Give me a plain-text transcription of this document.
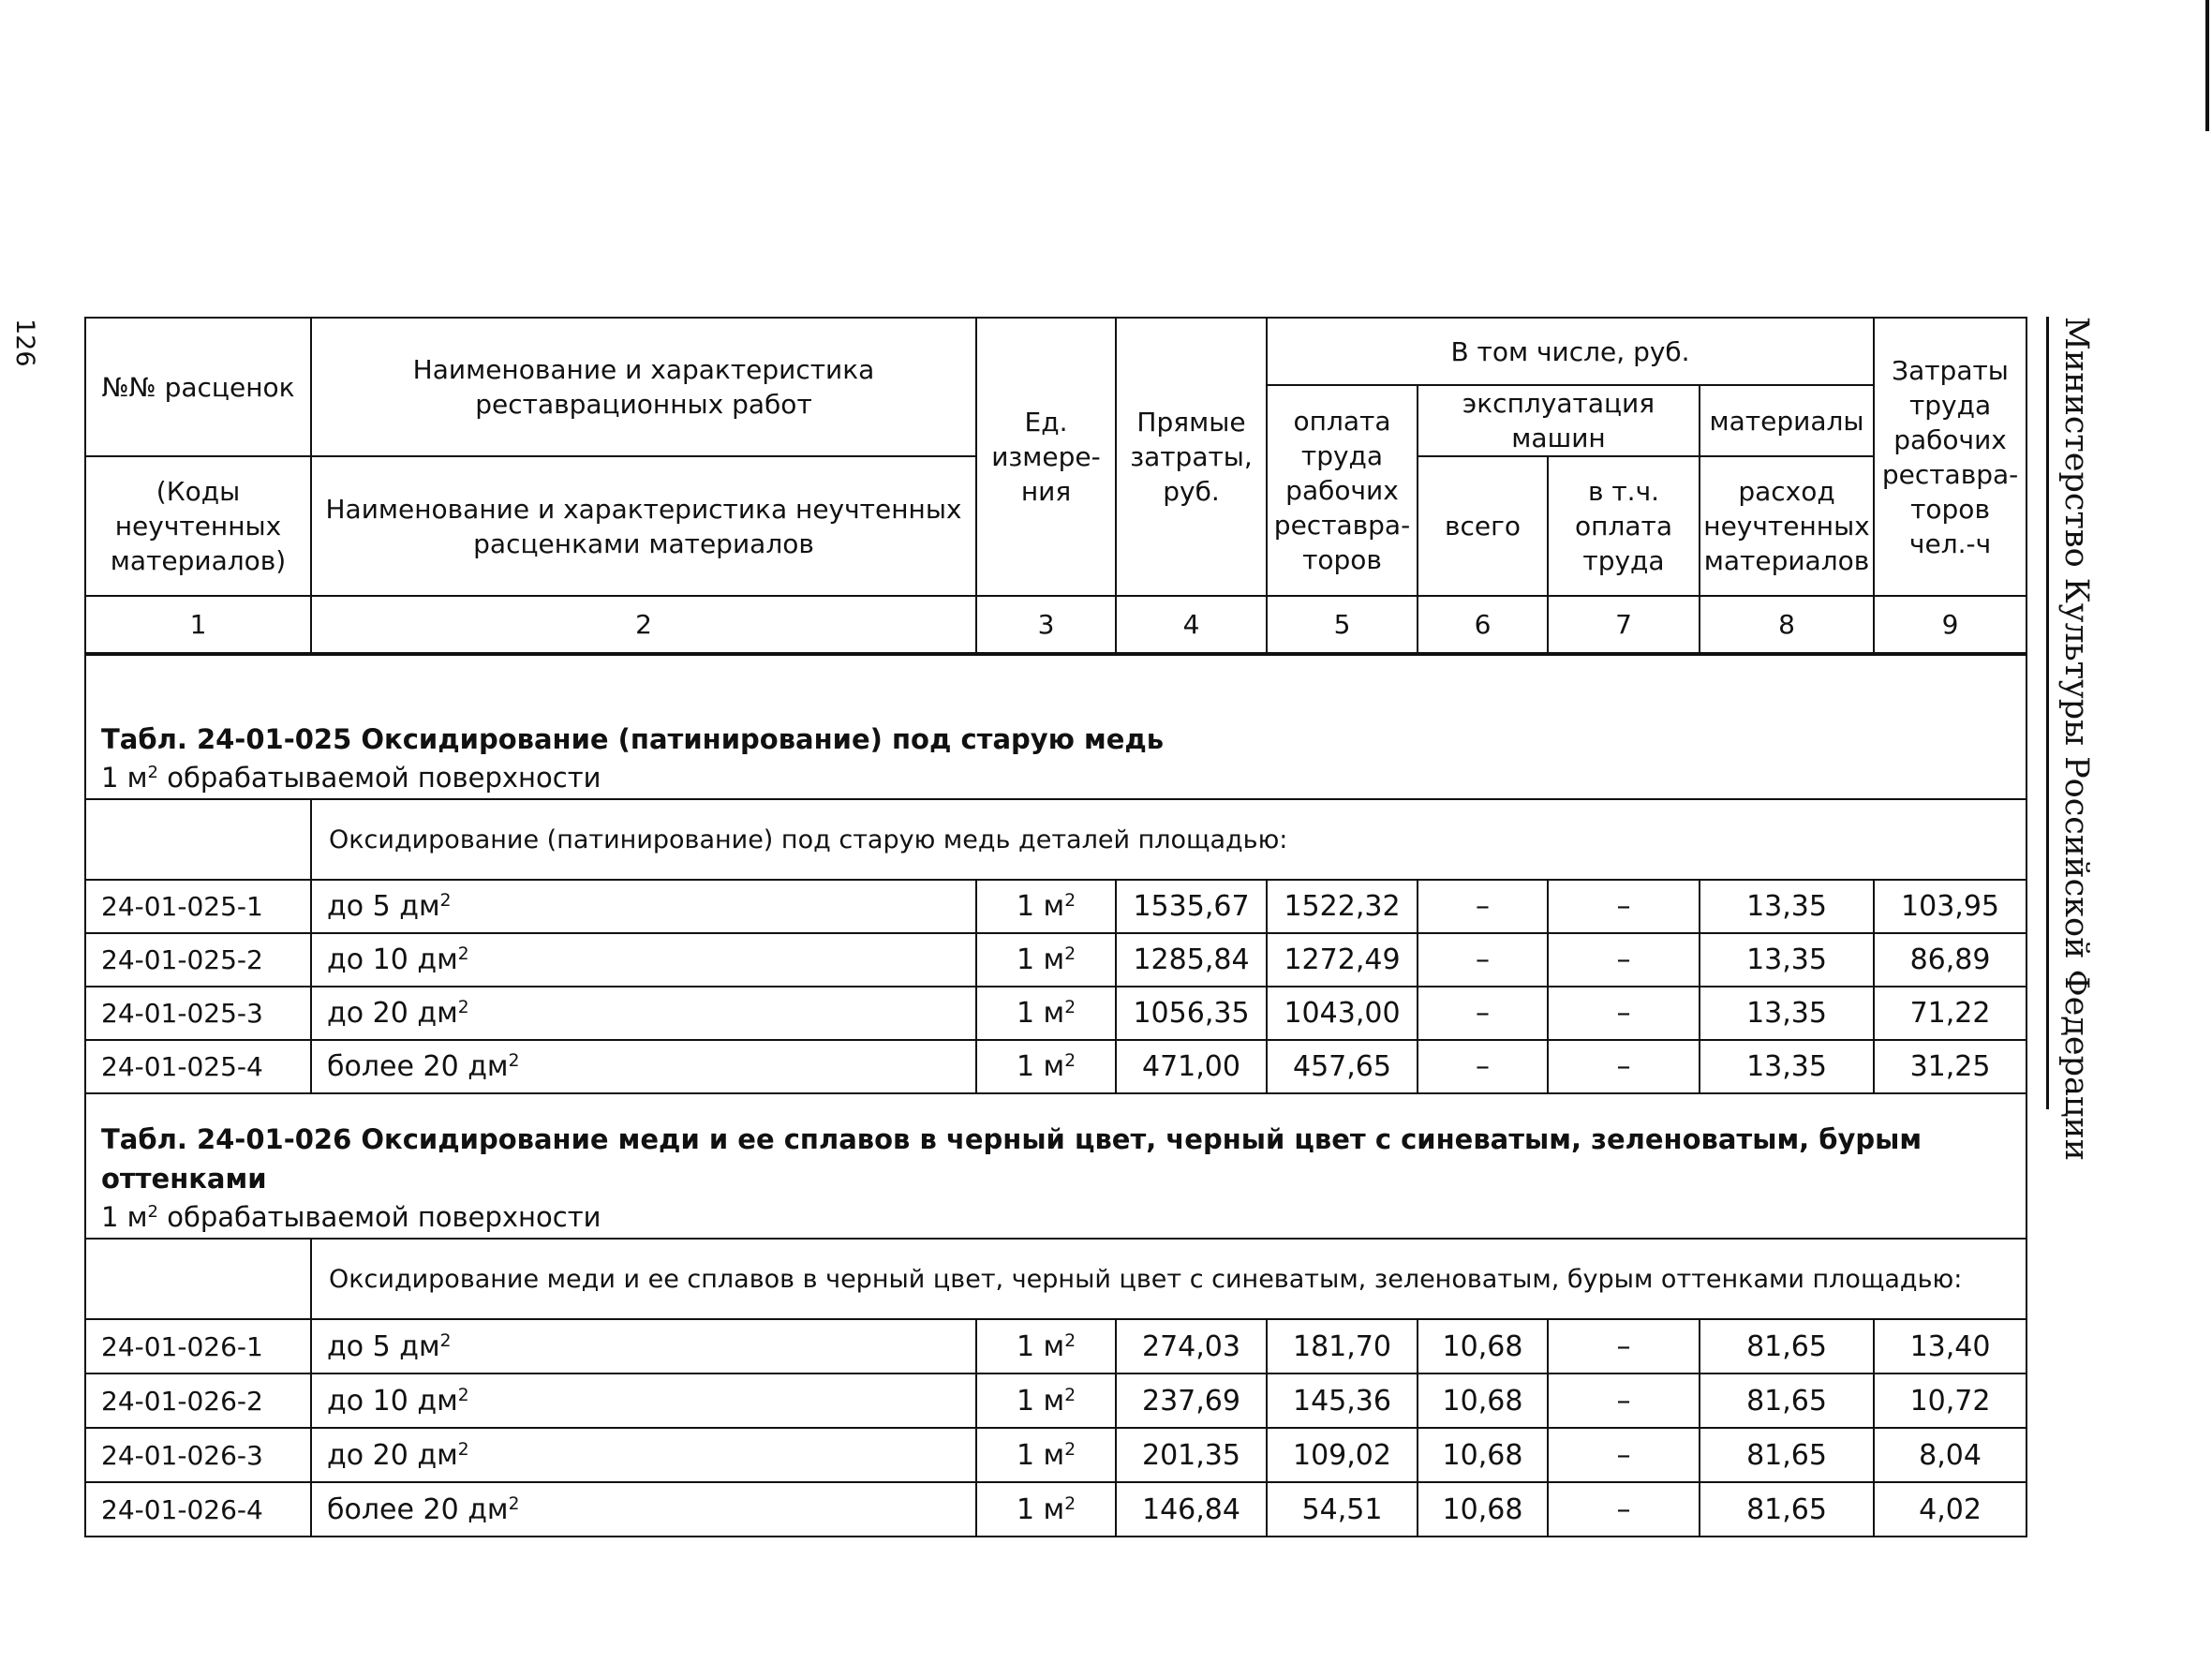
126	Министерство Культуры Российской Федерации
№№ расценок	Наименование и характеристика реставрационных работ	Ед. измере-ния	Прямые затраты, руб.	В том числе, руб.				Затраты труда рабочих реставра-торов чел.-ч
				оплата труда рабочих реставра-торов	эксплуатация машин		материалы	
(Коды неучтенных материалов)	Наименование и характеристика неучтенных расценками материалов				всего	в т.ч. оплата труда	расход неучтенных материалов	
1	2	3	4	5	6	7	8	9

Табл. 24-01-025 Оксидирование (патинирование) под старую медь
1 $м^2$ обрабатываемой поверхности								

	Оксидирование (патинирование) под старую медь деталей площадью:							
24-01-025-1	до 5 $дм^2$	1 $м^2$	1535,67	1522,32	–	–	13,35	103,95
24-01-025-2	до 10 $дм^2$	1 $м^2$	1285,84	1272,49	–	–	13,35	86,89
24-01-025-3	до 20 $дм^2$	1 $м^2$	1056,35	1043,00	–	–	13,35	71,22
24-01-025-4	более 20 $дм^2$	1 $м^2$	471,00	457,65	–	–	13,35	31,25

Табл. 24-01-026 Оксидирование меди и ее сплавов в черный цвет, черный цвет с синеватым, зеленоватым, бурым оттенками
1 $м^2$ обрабатываемой поверхности								

	Оксидирование меди и ее сплавов в черный цвет, черный цвет с синеватым, зеленоватым, бурым оттенками площадью:							
24-01-026-1	до 5 $дм^2$	1 $м^2$	274,03	181,70	10,68	–	81,65	13,40
24-01-026-2	до 10 $дм^2$	1 $м^2$	237,69	145,36	10,68	–	81,65	10,72
24-01-026-3	до 20 $дм^2$	1 $м^2$	201,35	109,02	10,68	–	81,65	8,04
24-01-026-4	более 20 $дм^2$	1 $м^2$	146,84	54,51	10,68	–	81,65	4,02
